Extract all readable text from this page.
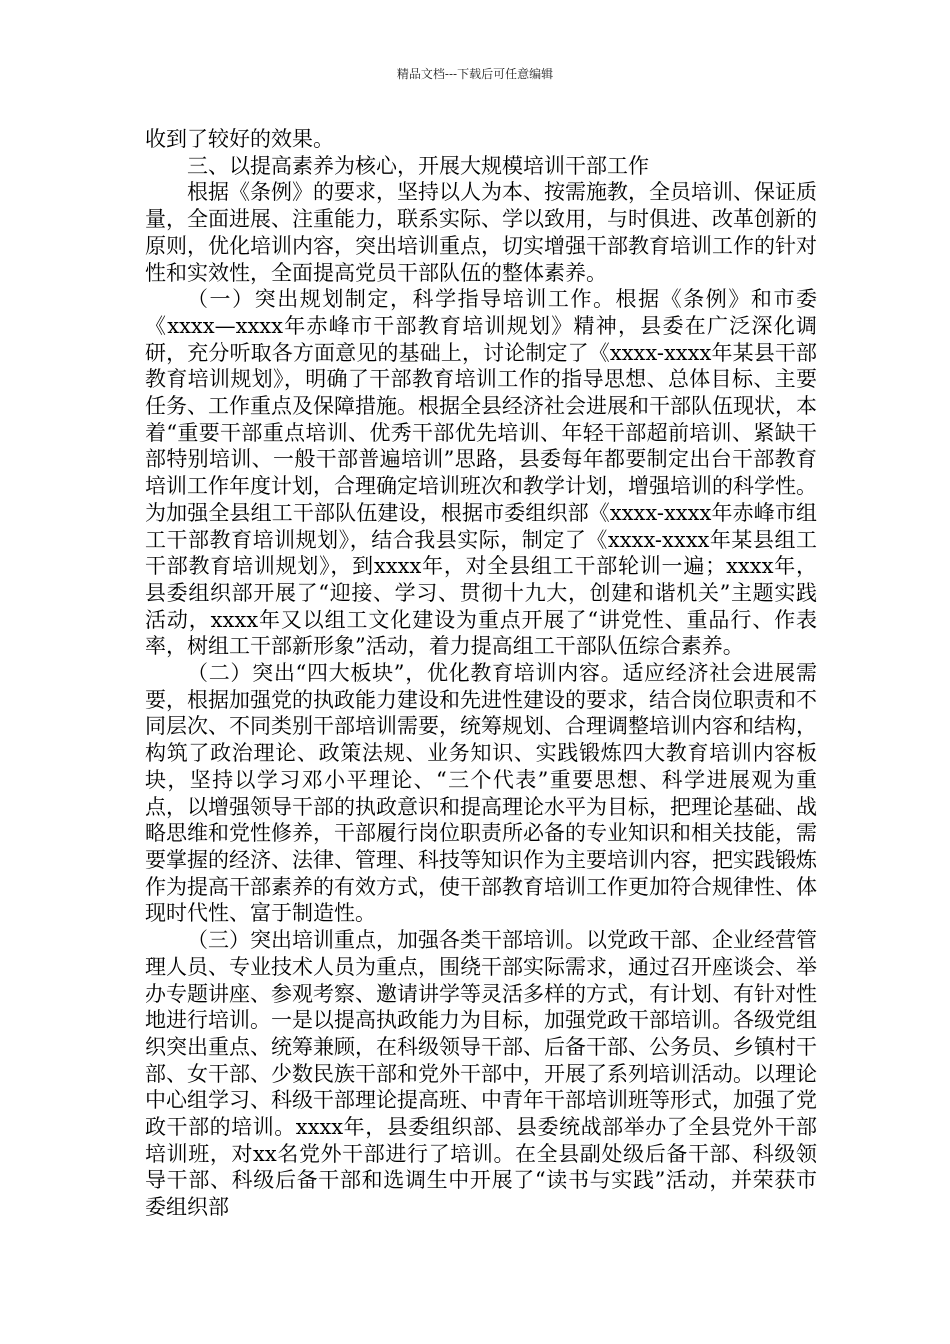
精品文档---下载后可任意编辑

收到了较好的效果。

三、以提高素养为核心，开展大规模培训干部工作

根据《条例》的要求，坚持以人为本、按需施教，全员培训、保证质量，全面进展、注重能力，联系实际、学以致用，与时俱进、改革创新的原则，优化培训内容，突出培训重点，切实增强干部教育培训工作的针对性和实效性，全面提高党员干部队伍的整体素养。

（一）突出规划制定，科学指导培训工作。根据《条例》和市委《xxxx—xxxx年赤峰市干部教育培训规划》精神，县委在广泛深化调研，充分听取各方面意见的基础上，讨论制定了《xxxx-xxxx年某县干部教育培训规划》，明确了干部教育培训工作的指导思想、总体目标、主要任务、工作重点及保障措施。根据全县经济社会进展和干部队伍现状，本着“重要干部重点培训、优秀干部优先培训、年轻干部超前培训、紧缺干部特别培训、一般干部普遍培训”思路，县委每年都要制定出台干部教育培训工作年度计划，合理确定培训班次和教学计划，增强培训的科学性。为加强全县组工干部队伍建设，根据市委组织部《xxxx-xxxx年赤峰市组工干部教育培训规划》，结合我县实际，制定了《xxxx-xxxx年某县组工干部教育培训规划》，到xxxx年，对全县组工干部轮训一遍；xxxx年，县委组织部开展了“迎接、学习、贯彻十九大，创建和谐机关”主题实践活动，xxxx年又以组工文化建设为重点开展了“讲党性、重品行、作表率，树组工干部新形象”活动，着力提高组工干部队伍综合素养。

（二）突出“四大板块”，优化教育培训内容。适应经济社会进展需要，根据加强党的执政能力建设和先进性建设的要求，结合岗位职责和不同层次、不同类别干部培训需要，统筹规划、合理调整培训内容和结构，构筑了政治理论、政策法规、业务知识、实践锻炼四大教育培训内容板块，坚持以学习邓小平理论、“三个代表”重要思想、科学进展观为重点，以增强领导干部的执政意识和提高理论水平为目标，把理论基础、战略思维和党性修养，干部履行岗位职责所必备的专业知识和相关技能，需要掌握的经济、法律、管理、科技等知识作为主要培训内容，把实践锻炼作为提高干部素养的有效方式，使干部教育培训工作更加符合规律性、体现时代性、富于制造性。

（三）突出培训重点，加强各类干部培训。以党政干部、企业经营管理人员、专业技术人员为重点，围绕干部实际需求，通过召开座谈会、举办专题讲座、参观考察、邀请讲学等灵活多样的方式，有计划、有针对性地进行培训。一是以提高执政能力为目标，加强党政干部培训。各级党组织突出重点、统筹兼顾，在科级领导干部、后备干部、公务员、乡镇村干部、女干部、少数民族干部和党外干部中，开展了系列培训活动。以理论中心组学习、科级干部理论提高班、中青年干部培训班等形式，加强了党政干部的培训。xxxx年，县委组织部、县委统战部举办了全县党外干部培训班，对xx名党外干部进行了培训。在全县副处级后备干部、科级领导干部、科级后备干部和选调生中开展了“读书与实践”活动，并荣获市委组织部
